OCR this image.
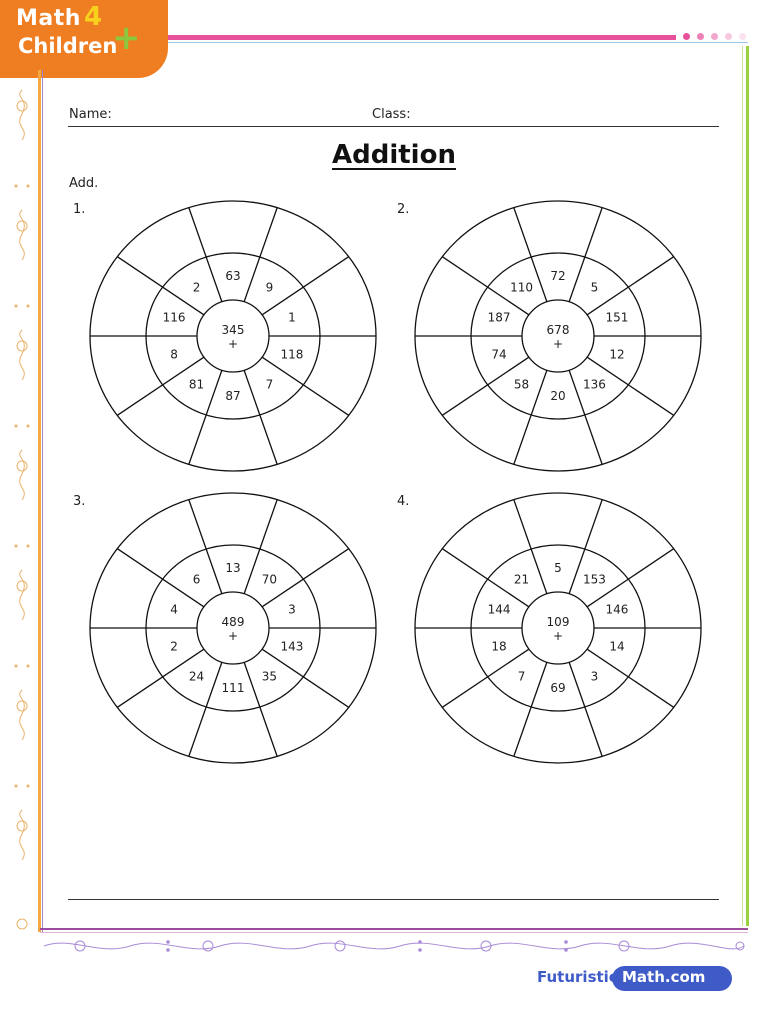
Math 4
Children
+
Name:	Class:
Addition
Add.
1.	2.
3.	4.
63
9
1
118
7
87
81
8
116
2
345
+
72
5
151
12
136
20
58
74
187
110
678
+
13
70
3
143
35
111
24
2
4
6
489
+
5
153
146
14
3
69
7
18
144
21
109
+
Futuristic Math.com
